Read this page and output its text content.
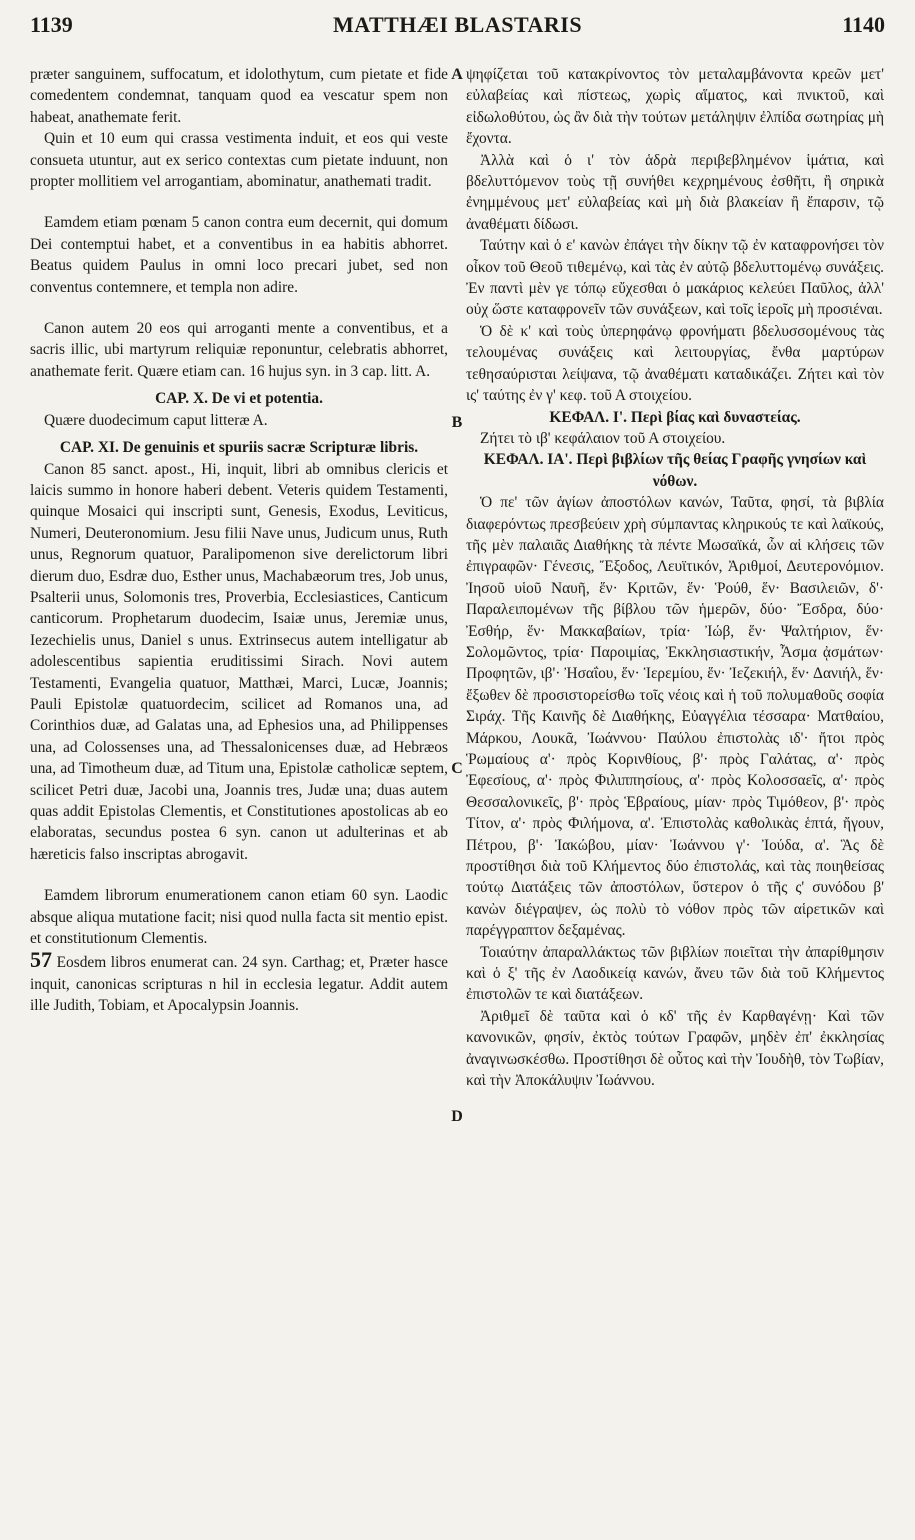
1139	MATTHÆI BLASTARIS	1140
A
B
C
D

præter sanguinem, suffocatum, et idolothytum, cum pietate et fide comedentem condemnat, tanquam quod ea vescatur spem non habeat, anathemate ferit.

Quin et 10 eum qui crassa vestimenta induit, et eos qui veste consueta utuntur, aut ex serico contextas cum pietate induunt, non propter mollitiem vel arrogantiam, abominatur, anathemati tradit.

Eamdem etiam pœnam 5 canon contra eum decernit, qui domum Dei contemptui habet, et a conventibus in ea habitis abhorret. Beatus quidem Paulus in omni loco precari jubet, sed non conventus contemnere, et templa non adire.

Canon autem 20 eos qui arroganti mente a conventibus, et a sacris illic, ubi martyrum reliquiæ reponuntur, celebratis abhorret, anathemate ferit. Quære etiam can. 16 hujus syn. in 3 cap. litt. A.

CAP. X. De vi et potentia.

Quære duodecimum caput litteræ A.

CAP. XI. De genuinis et spuriis sacræ Scripturæ libris.

Canon 85 sanct. apost., Hi, inquit, libri ab omnibus clericis et laicis summo in honore haberi debent. Veteris quidem Testamenti, quinque Mosaici qui inscripti sunt, Genesis, Exodus, Leviticus, Numeri, Deuteronomium. Jesu filii Nave unus, Judicum unus, Ruth unus, Regnorum quatuor, Paralipomenon sive derelictorum libri dierum duo, Esdræ duo, Esther unus, Machabæorum tres, Job unus, Psalterii unus, Solomonis tres, Proverbia, Ecclesiastices, Canticum canticorum. Prophetarum duodecim, Isaiæ unus, Jeremiæ unus, Iezechielis unus, Daniel s unus. Extrinsecus autem intelligatur ab adolescentibus sapientia eruditissimi Sirach. Novi autem Testamenti, Evangelia quatuor, Matthæi, Marci, Lucæ, Joannis; Pauli Epistolæ quatuordecim, scilicet ad Romanos una, ad Corinthios duæ, ad Galatas una, ad Ephesios una, ad Philippenses una, ad Colossenses una, ad Thessalonicenses duæ, ad Hebræos una, ad Timotheum duæ, ad Titum una, Epistolæ catholicæ septem, scilicet Petri duæ, Jacobi una, Joannis tres, Judæ una; duas autem quas addit Epistolas Clementis, et Constitutiones apostolicas ab eo elaboratas, secundus postea 6 syn. canon ut adulterinas et ab hæreticis falso inscriptas abrogavit.

Eamdem librorum enumerationem canon etiam 60 syn. Laodic absque aliqua mutatione facit; nisi quod nulla facta sit mentio epist. et constitutionum Clementis.

57 Eosdem libros enumerat can. 24 syn. Carthag; et, Præter hasce inquit, canonicas scripturas n hil in ecclesia legatur. Addit autem ille Judith, Tobiam, et Apocalypsin Joannis.

ψηφίζεται τοῦ κατακρίνοντος τὸν μεταλαμβάνοντα κρεῶν μετ' εὐλαβείας καὶ πίστεως, χωρὶς αἵματος, καὶ πνικτοῦ, καὶ εἰδωλοθύτου, ὡς ἂν διὰ τὴν τούτων μετάληψιν ἐλπίδα σωτηρίας μὴ ἔχοντα.

Ἀλλὰ καὶ ὁ ι' τὸν ἁδρὰ περιβεβλημένον ἱμάτια, καὶ βδελυττόμενον τοὺς τῇ συνήθει κεχρημένους ἐσθῆτι, ἢ σηρικὰ ἐνημμένους μετ' εὐλαβείας καὶ μὴ διὰ βλακείαν ἢ ἔπαρσιν, τῷ ἀναθέματι δίδωσι.

Ταύτην καὶ ὁ ε' κανὼν ἐπάγει τὴν δίκην τῷ ἐν καταφρονήσει τὸν οἶκον τοῦ Θεοῦ τιθεμένῳ, καὶ τὰς ἐν αὐτῷ βδελυττομένῳ συνάξεις. Ἐν παντὶ μὲν γε τόπῳ εὔχεσθαι ὁ μακάριος κελεύει Παῦλος, ἀλλ' οὐχ ὥστε καταφρονεῖν τῶν συνάξεων, καὶ τοῖς ἱεροῖς μὴ προσιέναι.

Ὁ δὲ κ' καὶ τοὺς ὑπερηφάνῳ φρονήματι βδελυσσομένους τὰς τελουμένας συνάξεις καὶ λειτουργίας, ἔνθα μαρτύρων τεθησαύρισται λείψανα, τῷ ἀναθέματι καταδικάζει. Ζήτει καὶ τὸν ις' ταύτης ἐν γ' κεφ. τοῦ Α στοιχείου.

ΚΕΦΑΛ. Ι'. Περὶ βίας καὶ δυναστείας.

Ζήτει τὸ ιβ' κεφάλαιον τοῦ Α στοιχείου.

ΚΕΦΑΛ. ΙΑ'. Περὶ βιβλίων τῆς θείας Γραφῆς γνησίων καὶ νόθων.

Ὁ πε' τῶν ἁγίων ἀποστόλων κανών, Ταῦτα, φησί, τὰ βιβλία διαφερόντως πρεσβεύειν χρὴ σύμπαντας κληρικούς τε καὶ λαϊκούς, τῆς μὲν παλαιᾶς Διαθήκης τὰ πέντε Μωσαϊκά, ὧν αἱ κλήσεις τῶν ἐπιγραφῶν· Γένεσις, Ἔξοδος, Λευϊτικόν, Ἀριθμοί, Δευτερονόμιον. Ἰησοῦ υἱοῦ Ναυῆ, ἕν· Κριτῶν, ἕν· Ῥούθ, ἕν· Βασιλειῶν, δ'· Παραλειπομένων τῆς βίβλου τῶν ἡμερῶν, δύο· Ἔσδρα, δύο· Ἐσθήρ, ἕν· Μακκαβαίων, τρία· Ἰώβ, ἕν· Ψαλτήριον, ἕν· Σολομῶντος, τρία· Παροιμίας, Ἐκκλησιαστικήν, Ἆσμα ᾀσμάτων· Προφητῶν, ιβ'· Ἠσαΐου, ἕν· Ἱερεμίου, ἕν· Ἰεζεκιήλ, ἕν· Δανιήλ, ἕν· ἔξωθεν δὲ προσιστορείσθω τοῖς νέοις καὶ ἡ τοῦ πολυμαθοῦς σοφία Σιράχ. Τῆς Καινῆς δὲ Διαθήκης, Εὐαγγέλια τέσσαρα· Ματθαίου, Μάρκου, Λουκᾶ, Ἰωάννου· Παύλου ἐπιστολὰς ιδ'· ἤτοι πρὸς Ῥωμαίους α'· πρὸς Κορινθίους, β'· πρὸς Γαλάτας, α'· πρὸς Ἐφεσίους, α'· πρὸς Φιλιππησίους, α'· πρὸς Κολοσσαεῖς, α'· πρὸς Θεσσαλονικεῖς, β'· πρὸς Ἑβραίους, μίαν· πρὸς Τιμόθεον, β'· πρὸς Τίτον, α'· πρὸς Φιλήμονα, α'. Ἐπιστολὰς καθολικὰς ἑπτά, ἤγουν, Πέτρου, β'· Ἰακώβου, μίαν· Ἰωάννου γ'· Ἰούδα, α'. Ἃς δὲ προστίθησι διὰ τοῦ Κλήμεντος δύο ἐπιστολάς, καὶ τὰς ποιηθείσας τούτῳ Διατάξεις τῶν ἀποστόλων, ὕστερον ὁ τῆς ς' συνόδου β' κανὼν διέγραψεν, ὡς πολὺ τὸ νόθον πρὸς τῶν αἱρετικῶν καὶ παρέγγραπτον δεξαμένας.

Τοιαύτην ἀπαραλλάκτως τῶν βιβλίων ποιεῖται τὴν ἀπαρίθμησιν καὶ ὁ ξ' τῆς ἐν Λαοδικείᾳ κανών, ἄνευ τῶν διὰ τοῦ Κλήμεντος ἐπιστολῶν τε καὶ διατάξεων.

Ἀριθμεῖ δὲ ταῦτα καὶ ὁ κδ' τῆς ἐν Καρθαγένῃ· Καὶ τῶν κανονικῶν, φησίν, ἐκτὸς τούτων Γραφῶν, μηδὲν ἐπ' ἐκκλησίας ἀναγινωσκέσθω. Προστίθησι δὲ οὗτος καὶ τὴν Ἰουδὴθ, τὸν Τωβίαν, καὶ τὴν Ἀποκάλυψιν Ἰωάννου.
